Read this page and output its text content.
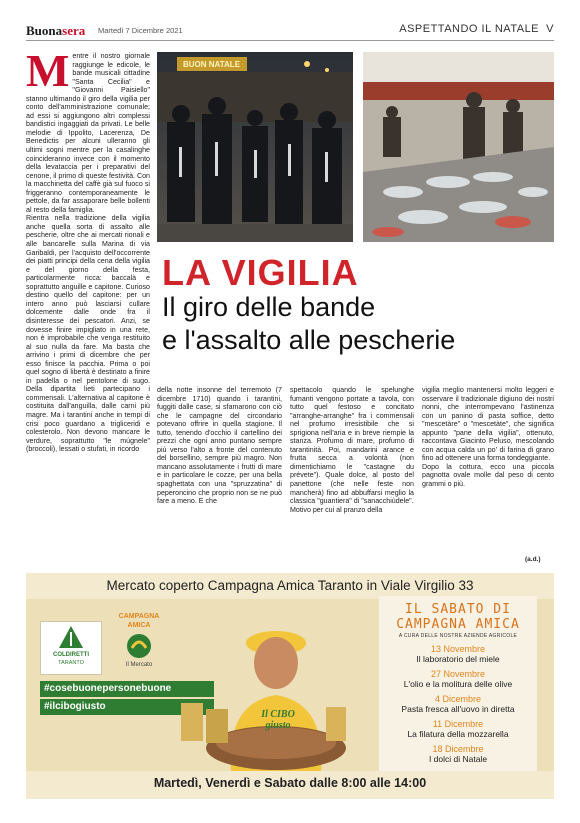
Buonasera Martedì 7 Dicembre 2021	ASPETTANDO IL NATALE V
Mentre il nostro giornale raggiunge le edicole, le bande musicali cittadine "Santa Cecilia" e "Giovanni Paisiello" stanno ultimando il giro della vigilia per conto dell'amministrazione comunale; ad essi si aggiungono altri complessi bandistici ingaggiati da privati. Le belle melodie di Ippolito, Lacerenza, De Benedictis per alcuni ulleranno gli ultimi sogni mentre per la casalinghe coincideranno invece con il momento della levataccia per i preparativi del cenone, il primo di queste festività. Con la macchinetta del caffè già sul fuoco si friggeranno contemporaneamente le pettole, da far assaporare belle bollenti al resto della famiglia.
Rientra nella tradizione della vigilia anche quella sorta di assalto alle pescherie, oltre che ai mercati rionali e alle bancarelle sulla Marina di via Garibaldi, per l'acquisto dell'occorrente dei piatti principi della cena della vigilia e del giorno della festa, particolarmente ricca: baccalà e soprattutto anguille e capitone. Curioso destino quello del capitone: per un intero anno può lasciarsi cullare dolcemente dalle onde fra il disinteresse dei pescatori. Anzi, se dovesse finire impigliato in una rete, non è improbabile che venga restituito al suo nulla da fare. Ma basta che arrivino i primi di dicembre che per esso finisce la pacchia. Prima o poi quel sogno di libertà è destinato a finire in padella o nel pentolone di sugo. Della dipartita lieti partecipano i commensali. L'alternativa al capitone è costituita dall'anguilla, dalle carni più magre. Ma i tarantini anche in tempi di crisi poco guardano a trigliceridi e colesterolo. Non devono mancare le verdure, soprattutto "le múgnele" (broccoli), lessati o stufati, in ricordo
BUON NATALE
LA VIGILIA
Il giro delle bande
e l'assalto alle pescherie
della notte insonne del terremoto (7 dicembre 1710) quando i tarantini, fuggiti dalle case, si sfamarono con ciò che le campagne del circondario potevano offrire in quella stagione. Il tutto, tenendo d'occhio il cartellino dei prezzi che ogni anno puntano sempre più verso l'alto a fronte del contenuto del borsellino, sempre più magro. Non mancano assolutamente i frutti di mare e in particolare le cozze, per una bella spaghettata con una "spruzzatina" di peperoncino che proprio non se ne può fare a meno. E che
spettacolo quando le spelunghe fumanti vengono portate a tavola, con tutto quel festoso e concitato "arranghe-arranghe" fra i commensali nel profumo irresistibile che si sprigiona nell'aria e in breve riempie la stanza. Profumo di mare, profumo di tarantinità. Poi, mandarini arance e frutta secca a volontà (non dimentichiamo le "castagne du prévete"). Quale dolce, al posto del panettone (che nelle feste non mancherà) fino ad abbuffarsi meglio la classica "guantiera" di "sanacchiùdele".
Motivo per cui al pranzo della
vigilia meglio mantenersi molto leggeri e osservare il tradizionale digiuno dei nostri nonni, che interrompevano l'astinenza con un panino di pasta soffice, detto "mescetàre" o "mescetàte", che significa appunto "pane della vigilia", ottenuto, raccontava Giacinto Peluso, mescolando con acqua calda un po' di farina di grano fino ad ottenere una forma tondeggiante.
Dopo la cottura, ecco una piccola pagnotta ovale molle dal peso di cento grammi o più.
(a.d.)
Mercato coperto Campagna Amica Taranto in Viale Virgilio 33
COLDIRETTI
TARANTO
CAMPAGNA
AMICA
Il Mercato
#cosebuonepersonebuone
#ilcibogiusto
Il CIBO giusto
IL SABATO DI
CAMPAGNA AMICA
A CURA DELLE NOSTRE AZIENDE AGRICOLE
13 Novembre
Il laboratorio del miele
27 Novembre
L'olio e la molitura delle olive
4 Dicembre
Pasta fresca all'uovo in diretta
11 Dicembre
La filatura della mozzarella
18 Dicembre
I dolci di Natale
Martedì, Venerdì e Sabato dalle 8:00 alle 14:00
